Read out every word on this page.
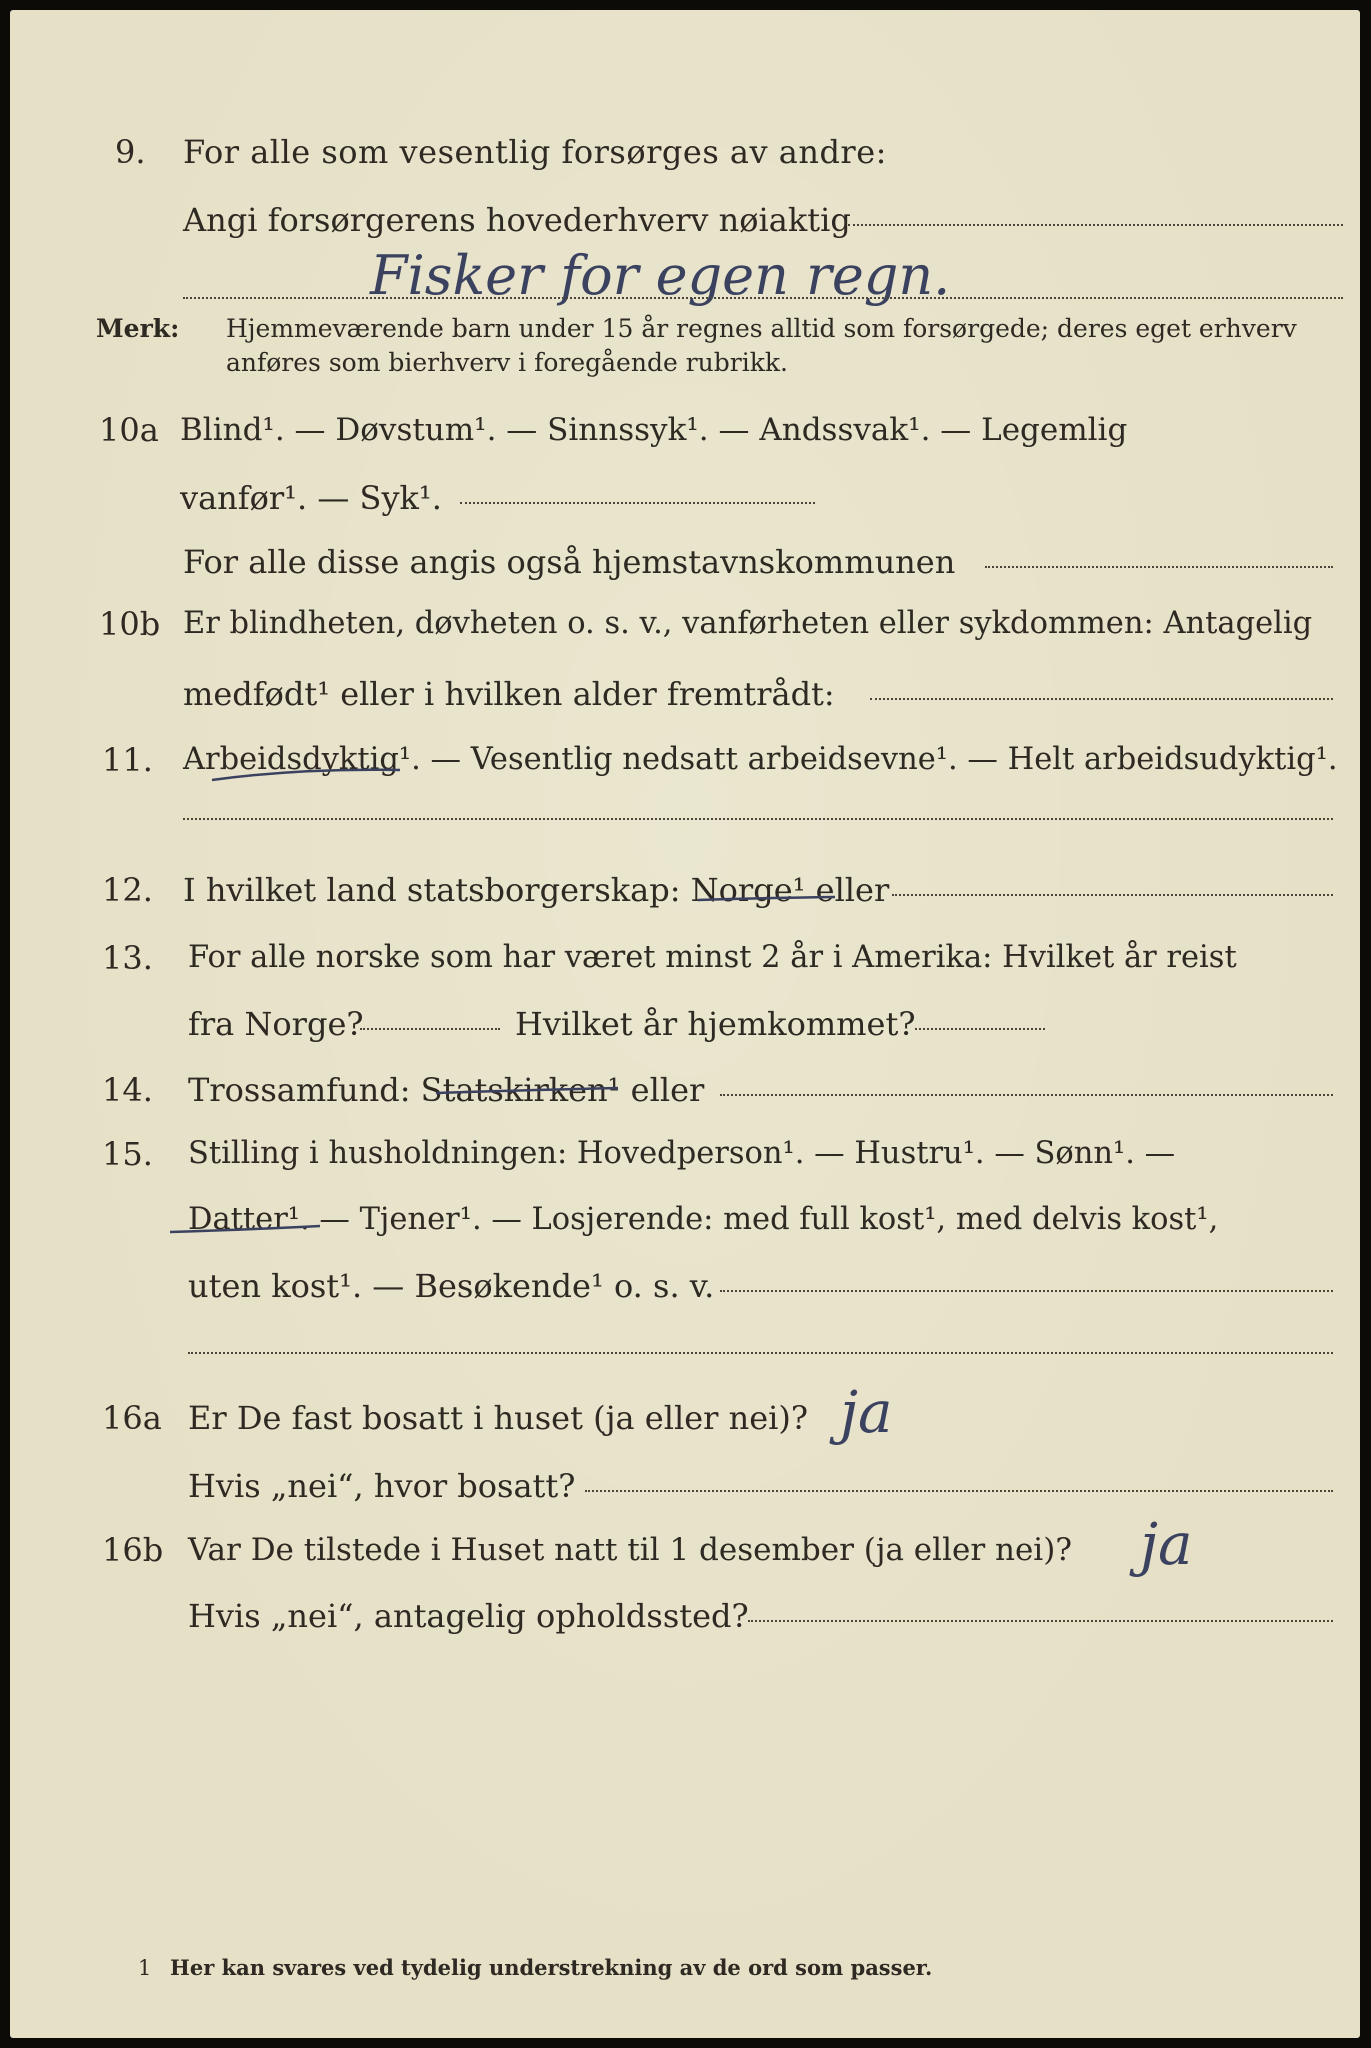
9. For alle som vesentlig forsørges av andre:
Angi forsørgerens hovederhverv nøiaktig
Fisker for egen regn.
Merk: Hjemmeværende barn under 15 år regnes alltid som forsørgede; deres eget erhverv
anføres som bierhverv i foregående rubrikk.
10a Blind¹. — Døvstum¹. — Sinnssyk¹. — Andssvak¹. — Legemlig
vanfør¹. — Syk¹.
For alle disse angis også hjemstavnskommunen
10b Er blindheten, døvheten o. s. v., vanførheten eller sykdommen: Antagelig
medfødt¹ eller i hvilken alder fremtrådt:
11. Arbeidsdyktig¹. — Vesentlig nedsatt arbeidsevne¹. — Helt arbeidsudyktig¹.
12. I hvilket land statsborgerskap: Norge¹ eller
13. For alle norske som har været minst 2 år i Amerika: Hvilket år reist
fra Norge?	Hvilket år hjemkommet?
14. Trossamfund: Statskirken¹ eller
15. Stilling i husholdningen: Hovedperson¹. — Hustru¹. — Sønn¹. —
Datter¹. — Tjener¹. — Losjerende: med full kost¹, med delvis kost¹,
uten kost¹. — Besøkende¹ o. s. v.
16a Er De fast bosatt i huset (ja eller nei)? ja
Hvis „nei“, hvor bosatt?
16b Var De tilstede i Huset natt til 1 desember (ja eller nei)? ja
Hvis „nei“, antagelig opholdssted?
1 Her kan svares ved tydelig understrekning av de ord som passer.
